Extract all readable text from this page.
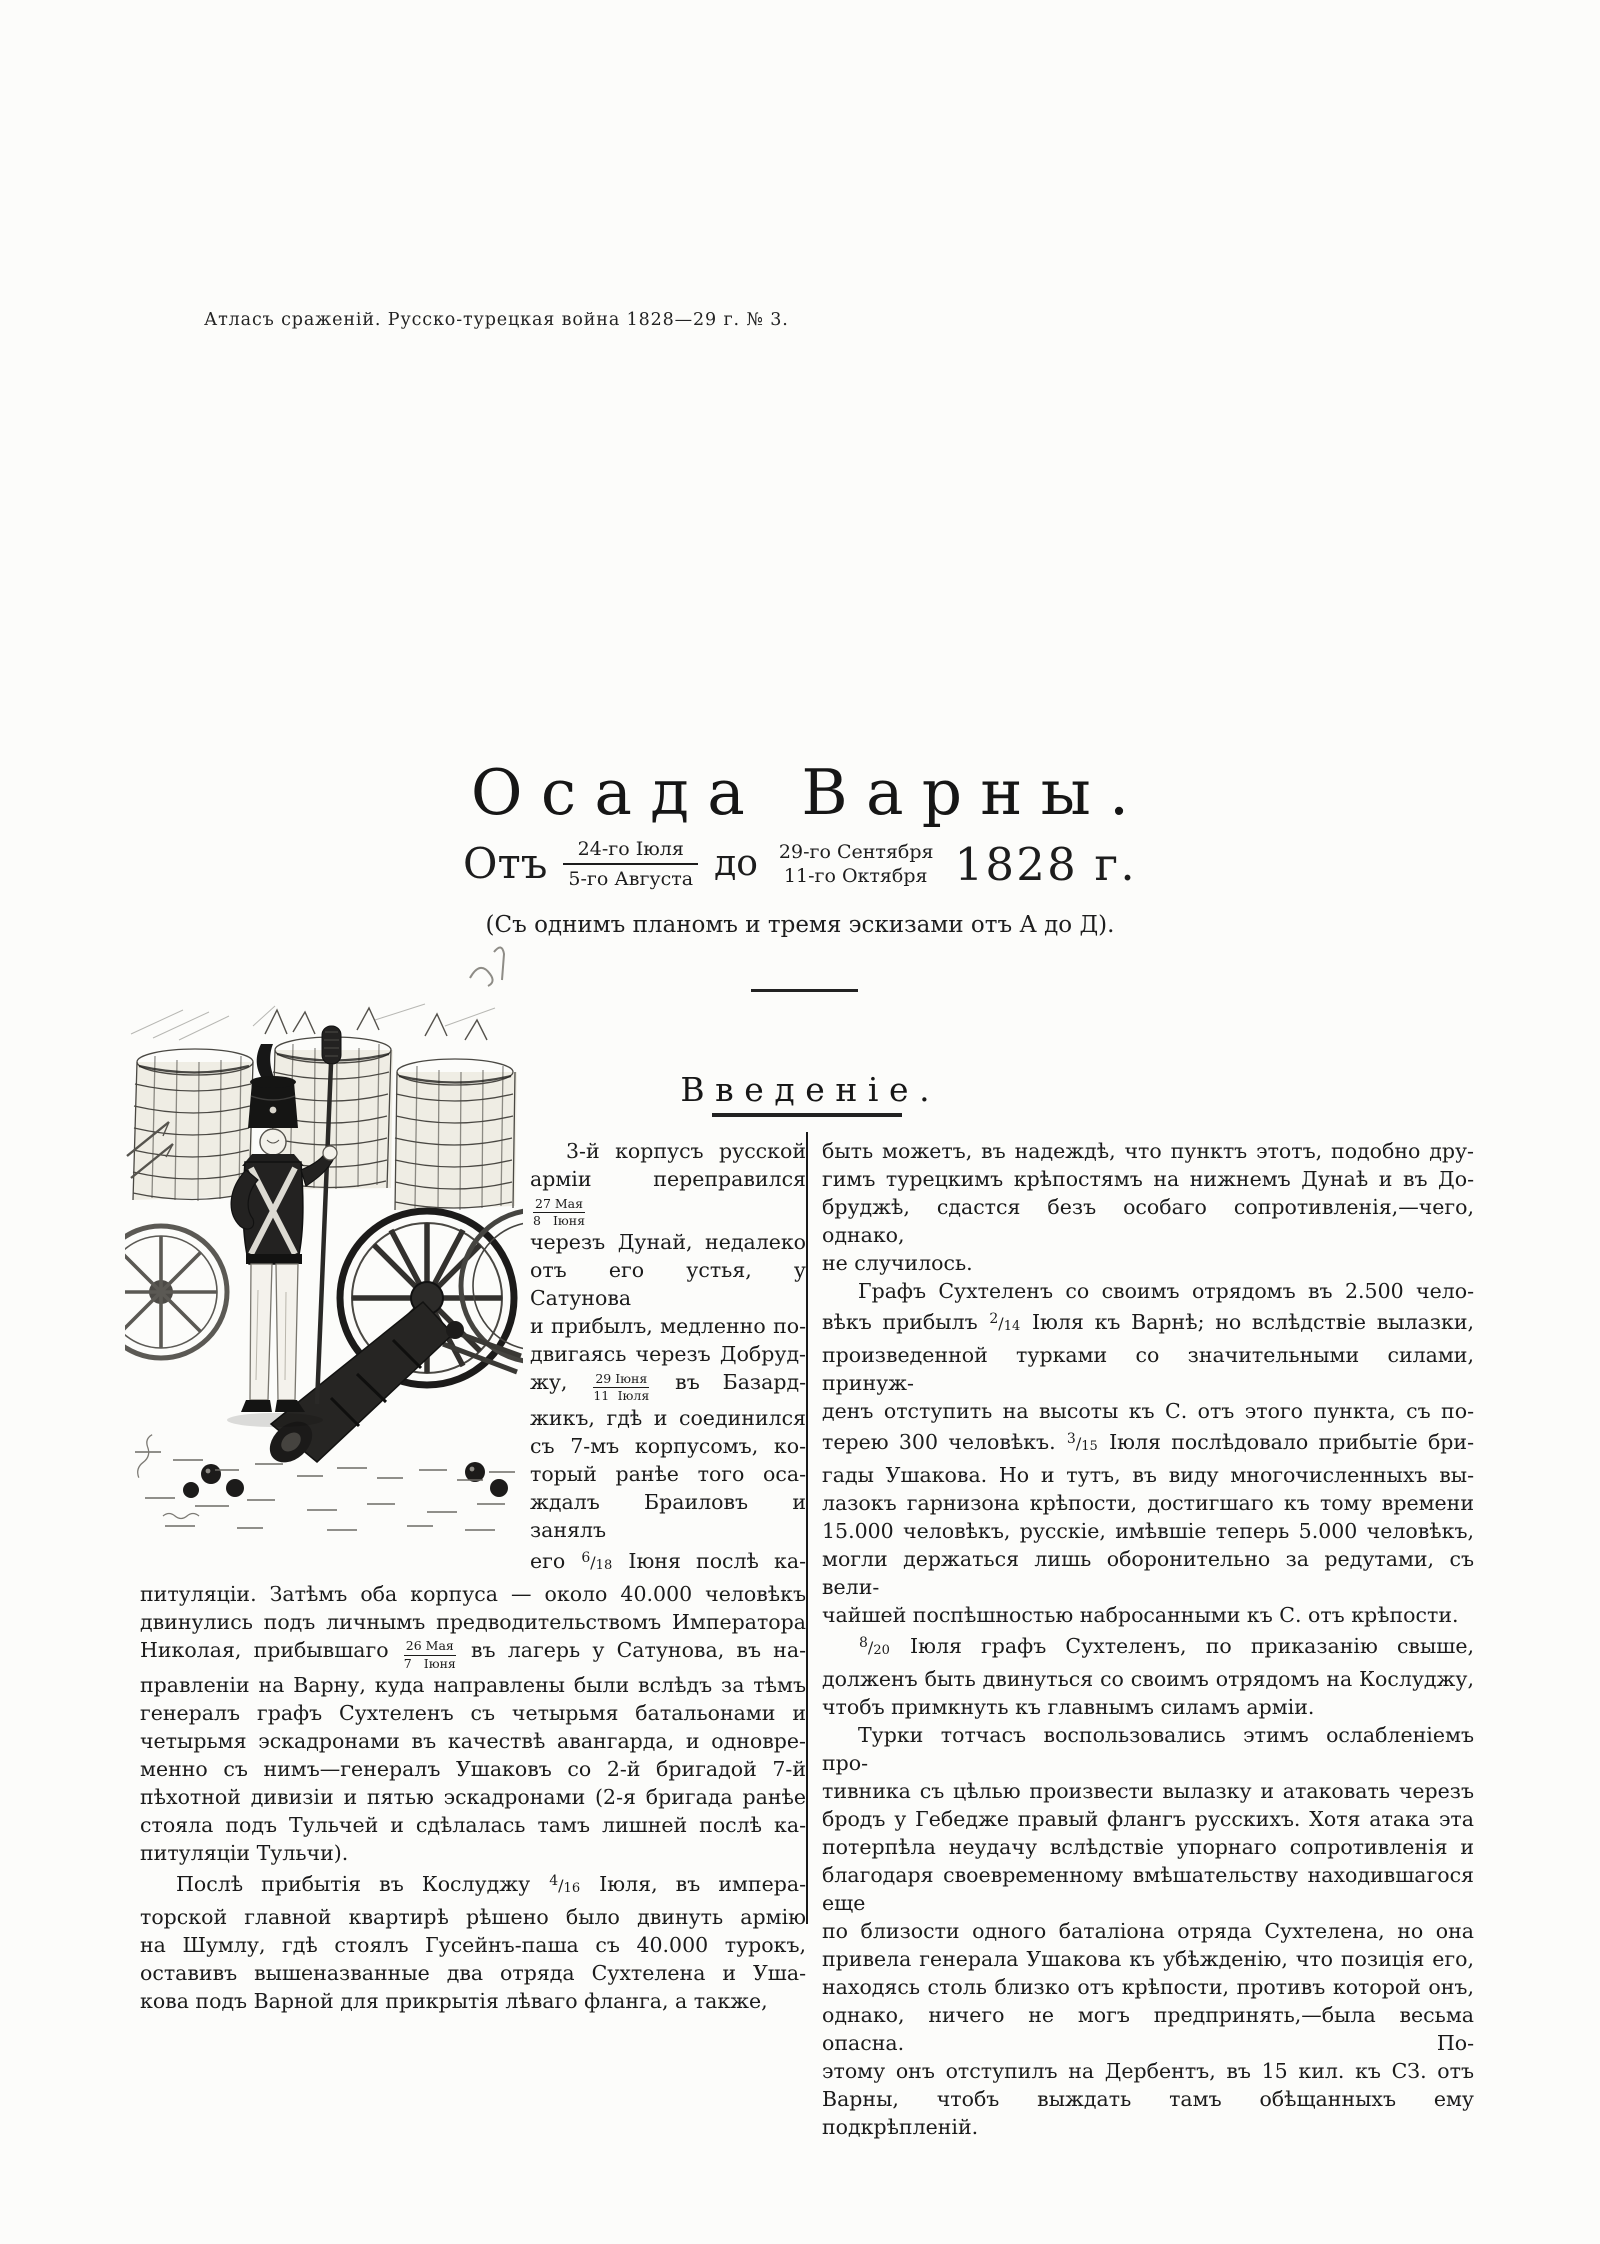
Атласъ сраженій. Русско-турецкая война 1828—29 г. № 3.
Осада Варны.
Отъ	24-го Іюля
5-го Августа до 29-го Сентября
11-го Октября 1828 г.
(Съ однимъ планомъ и тремя эскизами отъ А до Д).
Введеніе.
3-й корпусъ русской
арміи переправился
$\frac{\text{27 Мая}}{\text{8 Іюня}}$
черезъ Дунай, недалеко
отъ его устья, у Сатунова
и прибылъ, медленно по-
двигаясь черезъ Добруд-
жу, $\frac{\text{29 Іюня}}{\text{11 Іюля}}$ въ Базард-
жикъ, гдѣ и соединился
съ 7-мъ корпусомъ, ко-
торый ранѣе того оса-
ждалъ Браиловъ и занялъ
его $^6/_{18}$ Іюня послѣ ка-
питуляціи. Затѣмъ оба корпуса — около 40.000 человѣкъ
двинулись подъ личнымъ предводительствомъ Императора
Николая, прибывшаго $\frac{\text{26 Мая}}{\text{7 Іюня}}$ въ лагерь у Сатунова, въ на-
правленіи на Варну, куда направлены были вслѣдъ за тѣмъ
генералъ графъ Сухтеленъ съ четырьмя батальонами и
четырьмя эскадронами въ качествѣ авангарда, и одновре-
менно съ нимъ—генералъ Ушаковъ со 2-й бригадой 7-й
пѣхотной дивизіи и пятью эскадронами (2-я бригада ранѣе
стояла подъ Тульчей и сдѣлалась тамъ лишней послѣ ка-
питуляціи Тульчи).
Послѣ прибытія въ Кослуджу $^4/_{16}$ Іюля, въ импера-
торской главной квартирѣ рѣшено было двинуть армію
на Шумлу, гдѣ стоялъ Гусейнъ-паша съ 40.000 турокъ,
оставивъ вышеназванные два отряда Сухтелена и Уша-
кова подъ Варной для прикрытія лѣваго фланга, а также,
быть можетъ, въ надеждѣ, что пунктъ этотъ, подобно дру-
гимъ турецкимъ крѣпостямъ на нижнемъ Дунаѣ и въ До-
бруджѣ, сдастся безъ особаго сопротивленія,—чего, однако,
не случилось.
Графъ Сухтеленъ со своимъ отрядомъ въ 2.500 чело-
вѣкъ прибылъ $^2/_{14}$ Іюля къ Варнѣ; но вслѣдствіе вылазки,
произведенной турками со значительными силами, принуж-
денъ отступить на высоты къ С. отъ этого пункта, съ по-
терею 300 человѣкъ. $^3/_{15}$ Іюля послѣдовало прибытіе бри-
гады Ушакова. Но и тутъ, въ виду многочисленныхъ вы-
лазокъ гарнизона крѣпости, достигшаго къ тому времени
15.000 человѣкъ, русскіе, имѣвшіе теперь 5.000 человѣкъ,
могли держаться лишь оборонительно за редутами, съ вели-
чайшей поспѣшностью набросанными къ С. отъ крѣпости.
$^8/_{20}$ Іюля графъ Сухтеленъ, по приказанію свыше,
долженъ быть двинуться со своимъ отрядомъ на Кослуджу,
чтобъ примкнуть къ главнымъ силамъ арміи.
Турки тотчасъ воспользовались этимъ ослабленіемъ про-
тивника съ цѣлью произвести вылазку и атаковать черезъ
бродъ у Гебедже правый флангъ русскихъ. Хотя атака эта
потерпѣла неудачу вслѣдствіе упорнаго сопротивленія и
благодаря своевременному вмѣшательству находившагося еще
по близости одного баталіона отряда Сухтелена, но она
привела генерала Ушакова къ убѣжденію, что позиція его,
находясь столь близко отъ крѣпости, противъ которой онъ,
однако, ничего не могъ предпринять,—была весьма опасна. По-
этому онъ отступилъ на Дербентъ, въ 15 кил. къ СЗ. отъ
Варны, чтобъ выждать тамъ обѣщанныхъ ему подкрѣпленій.
